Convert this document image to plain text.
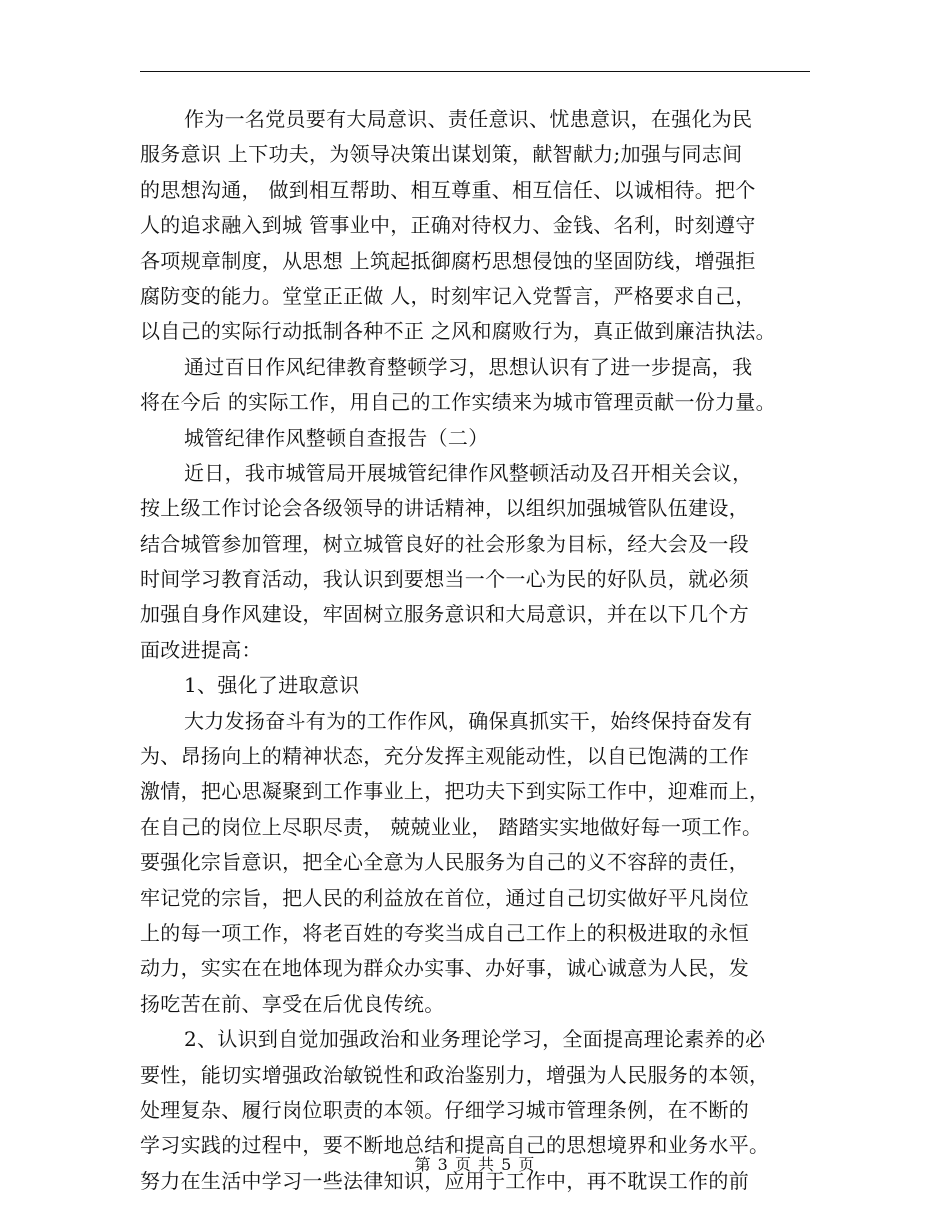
作为一名党员要有大局意识、责任意识、忧患意识，在强化为民
服务意识 上下功夫，为领导决策出谋划策，献智献力;加强与同志间
的思想沟通， 做到相互帮助、相互尊重、相互信任、以诚相待。把个
人的追求融入到城 管事业中，正确对待权力、金钱、名利，时刻遵守
各项规章制度，从思想 上筑起抵御腐朽思想侵蚀的坚固防线，增强拒
腐防变的能力。堂堂正正做 人，时刻牢记入党誓言，严格要求自己，
以自己的实际行动抵制各种不正 之风和腐败行为，真正做到廉洁执法。
通过百日作风纪律教育整顿学习，思想认识有了进一步提高，我
将在今后 的实际工作，用自己的工作实绩来为城市管理贡献一份力量。
城管纪律作风整顿自查报告（二）
近日，我市城管局开展城管纪律作风整顿活动及召开相关会议，
按上级工作讨论会各级领导的讲话精神，以组织加强城管队伍建设，
结合城管参加管理，树立城管良好的社会形象为目标，经大会及一段
时间学习教育活动，我认识到要想当一个一心为民的好队员，就必须
加强自身作风建设，牢固树立服务意识和大局意识，并在以下几个方
面改进提高：
1、强化了进取意识
大力发扬奋斗有为的工作作风，确保真抓实干，始终保持奋发有
为、昂扬向上的精神状态，充分发挥主观能动性，以自已饱满的工作
激情，把心思凝聚到工作事业上，把功夫下到实际工作中，迎难而上，
在自己的岗位上尽职尽责， 兢兢业业， 踏踏实实地做好每一项工作。
要强化宗旨意识，把全心全意为人民服务为自己的义不容辞的责任，
牢记党的宗旨，把人民的利益放在首位，通过自己切实做好平凡岗位
上的每一项工作，将老百姓的夸奖当成自己工作上的积极进取的永恒
动力，实实在在地体现为群众办实事、办好事，诚心诚意为人民，发
扬吃苦在前、享受在后优良传统。
2、认识到自觉加强政治和业务理论学习，全面提高理论素养的必
要性，能切实增强政治敏锐性和政治鉴别力，增强为人民服务的本领，
处理复杂、履行岗位职责的本领。仔细学习城市管理条例，在不断的
学习实践的过程中，要不断地总结和提高自己的思想境界和业务水平。
努力在生活中学习一些法律知识，应用于工作中，再不耽误工作的前
第 3 页 共 5 页
